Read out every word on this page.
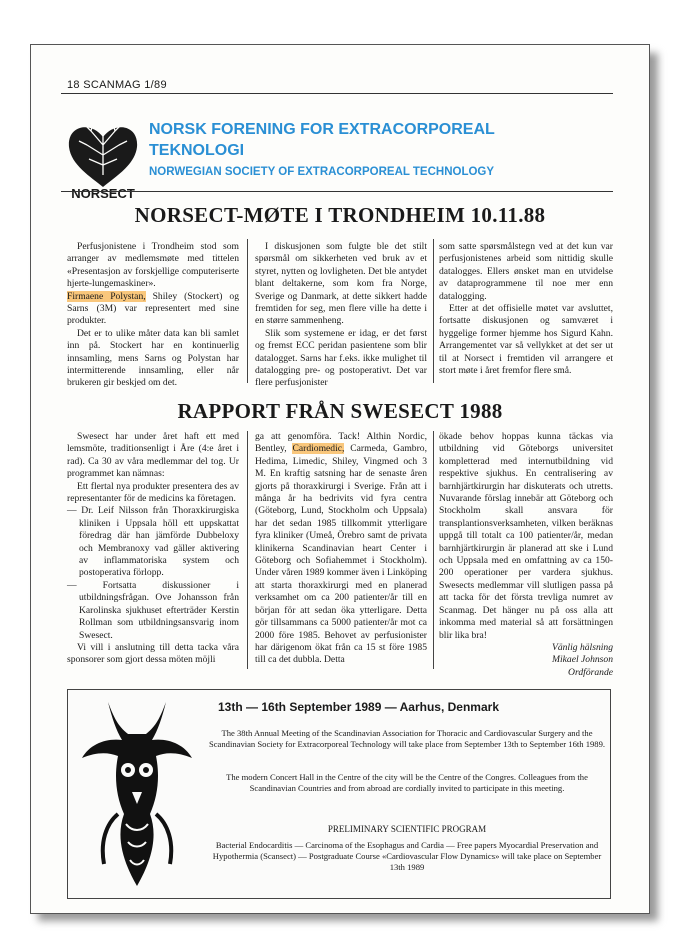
18 SCANMAG 1/89
NORSECT
NORSK FORENING FOR EXTRACORPOREAL
TEKNOLOGI
NORWEGIAN SOCIETY OF EXTRACORPOREAL TECHNOLOGY
NORSECT-MØTE I TRONDHEIM 10.11.88

Perfusjonistene i Trondheim stod som arranger av medlemsmøte med tittelen «Presentasjon av forskjellige computeriserte hjerte-lungemaskiner».

Firmaene Polystan, Shiley (Stockert) og Sarns (3M) var representert med sine produkter.

Det er to ulike måter data kan bli samlet inn på. Stockert har en kontinuerlig innsamling, mens Sarns og Polystan har intermitterende innsamling, eller når brukeren gir beskjed om det.

I diskusjonen som fulgte ble det stilt spørsmål om sikkerheten ved bruk av et styret, nytten og lovligheten. Det ble antydet blant deltakerne, som kom fra Norge, Sverige og Danmark, at dette sikkert hadde fremtiden for seg, men flere ville ha dette i en større sammenheng.

Slik som systemene er idag, er det først og fremst ECC peridan pasientene som blir datalogget. Sarns har f.eks. ikke mulighet til datalogging pre- og postoperativt. Det var flere perfusjonister

som satte spørsmålstegn ved at det kun var perfusjonistenes arbeid som nittidig skulle datalogges. Ellers ønsket man en utvidelse av dataprogrammene til noe mer enn datalogging.

Etter at det offisielle møtet var avsluttet, fortsatte diskusjonen og samværet i hyggelige former hjemme hos Sigurd Kahn. Arrangementet var så vellykket at det ser ut til at Norsect i fremtiden vil arrangere et stort møte i året fremfor flere små.

RAPPORT FRÅN SWESECT 1988

Swesect har under året haft ett med lemsmöte, traditionsenligt i Åre (4:e året i rad). Ca 30 av våra medlemmar del tog. Ur programmet kan nämnas:

Ett flertal nya produkter presentera des av representanter för de medicins ka företagen.

— Dr. Leif Nilsson från Thoraxkirurgiska kliniken i Uppsala höll ett uppskattat föredrag där han jämförde Dubbeloxy och Membranoxy vad gäller aktivering av inflammatoriska system och postoperativa förlopp.

— Fortsatta diskussioner i utbildningsfrågan. Ove Johansson från Karolinska sjukhuset efterträder Kerstin Rollman som utbildningsansvarig inom Swesect.

Vi vill i anslutning till detta tacka våra sponsorer som gjort dessa möten möjli

ga att genomföra. Tack! Althin Nordic, Bentley, Cardiomedic, Carmeda, Gambro, Hedima, Limedic, Shiley, Vingmed och 3 M. En kraftig satsning har de senaste åren gjorts på thoraxkirurgi i Sverige. Från att i många år ha bedrivits vid fyra centra (Göteborg, Lund, Stockholm och Uppsala) har det sedan 1985 tillkommit ytterligare fyra kliniker (Umeå, Örebro samt de privata klinikerna Scandinavian heart Center i Göteborg och Sofiahemmet i Stockholm). Under våren 1989 kommer även i Linköping att starta thoraxkirurgi med en planerad verksamhet om ca 200 patienter/år till en början för att sedan öka ytterligare. Detta gör tillsammans ca 5000 patienter/år mot ca 2000 före 1985. Behovet av perfusionister har därigenom ökat från ca 15 st före 1985 till ca det dubbla. Detta

ökade behov hoppas kunna täckas via utbildning vid Göteborgs universitet kompletterad med internutbildning vid respektive sjukhus. En centralisering av barnhjärtkirurgin har diskuterats och utretts. Nuvarande förslag innebär att Göteborg och Stockholm skall ansvara för transplantionsverksamheten, vilken beräknas uppgå till totalt ca 100 patienter/år, medan barnhjärtkirurgin är planerad att ske i Lund och Uppsala med en omfattning av ca 150-200 operationer per vardera sjukhus. Swesects medlemmar vill slutligen passa på att tacka för det första trevliga numret av Scanmag. Det hänger nu på oss alla att inkomma med material så att forsättningen blir lika bra!

Vänlig hälsning
Mikael Johnson
Ordförande
13th — 16th September 1989 — Aarhus, Denmark
The 38th Annual Meeting of the Scandinavian Association for Thoracic and Cardiovascular Surgery and the Scandinavian Society for Extracorporeal Technology will take place from September 13th to September 16th 1989.
The modern Concert Hall in the Centre of the city will be the Centre of the Congres. Colleagues from the Scandinavian Countries and from abroad are cordially invited to participate in this meeting.
PRELIMINARY SCIENTIFIC PROGRAM
Bacterial Endocarditis — Carcinoma of the Esophagus and Cardia — Free papers Myocardial Preservation and Hypothermia (Scansect) — Postgraduate Course «Cardiovascular Flow Dynamics» will take place on September 13th 1989
